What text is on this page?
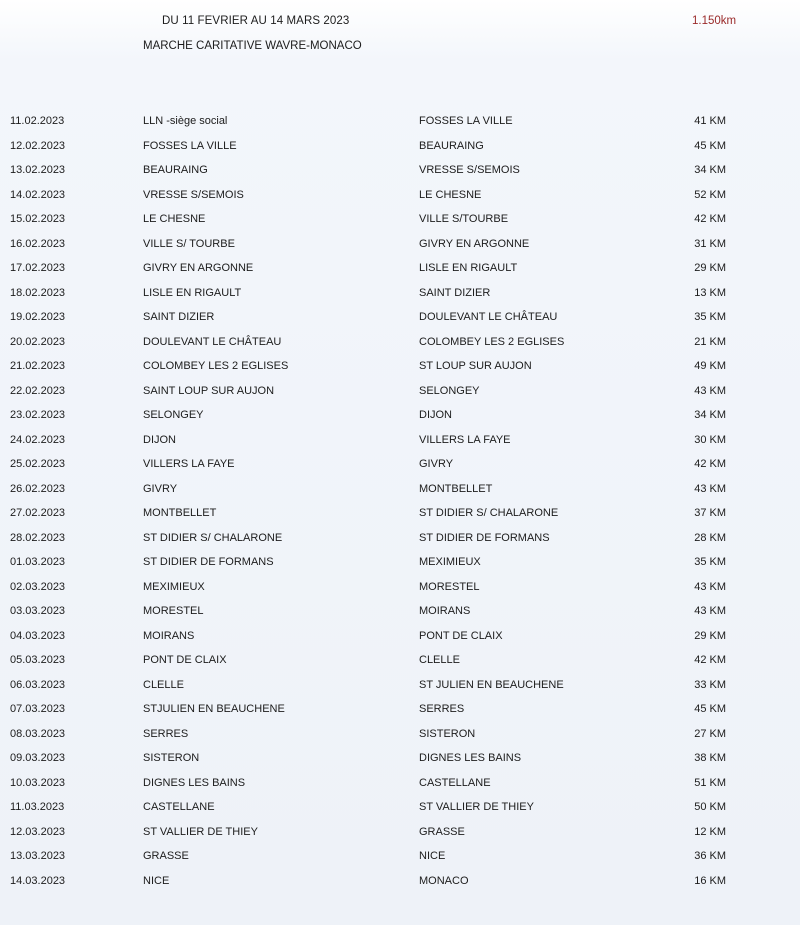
DU 11 FEVRIER AU 14 MARS 2023	1.150km
MARCHE CARITATIVE WAVRE-MONACO
11.02.2023	LLN -siège social	FOSSES LA VILLE	41 KM
12.02.2023	FOSSES LA VILLE	BEAURAING	45 KM
13.02.2023	BEAURAING	VRESSE S/SEMOIS	34 KM
14.02.2023	VRESSE S/SEMOIS	LE CHESNE	52 KM
15.02.2023	LE CHESNE	VILLE S/TOURBE	42 KM
16.02.2023	VILLE S/ TOURBE	GIVRY EN ARGONNE	31 KM
17.02.2023	GIVRY EN ARGONNE	LISLE EN RIGAULT	29 KM
18.02.2023	LISLE EN RIGAULT	SAINT DIZIER	13 KM
19.02.2023	SAINT DIZIER	DOULEVANT LE CHÂTEAU	35 KM
20.02.2023	DOULEVANT LE CHÂTEAU	COLOMBEY LES 2 EGLISES	21 KM
21.02.2023	COLOMBEY LES 2 EGLISES	ST LOUP SUR AUJON	49 KM
22.02.2023	SAINT LOUP SUR AUJON	SELONGEY	43 KM
23.02.2023	SELONGEY	DIJON	34 KM
24.02.2023	DIJON	VILLERS LA FAYE	30 KM
25.02.2023	VILLERS LA FAYE	GIVRY	42 KM
26.02.2023	GIVRY	MONTBELLET	43 KM
27.02.2023	MONTBELLET	ST DIDIER S/ CHALARONE	37 KM
28.02.2023	ST DIDIER S/ CHALARONE	ST DIDIER DE FORMANS	28 KM
01.03.2023	ST DIDIER DE FORMANS	MEXIMIEUX	35 KM
02.03.2023	MEXIMIEUX	MORESTEL	43 KM
03.03.2023	MORESTEL	MOIRANS	43 KM
04.03.2023	MOIRANS	PONT DE CLAIX	29 KM
05.03.2023	PONT DE CLAIX	CLELLE	42 KM
06.03.2023	CLELLE	ST JULIEN EN BEAUCHENE	33 KM
07.03.2023	STJULIEN EN BEAUCHENE	SERRES	45 KM
08.03.2023	SERRES	SISTERON	27 KM
09.03.2023	SISTERON	DIGNES LES BAINS	38 KM
10.03.2023	DIGNES LES BAINS	CASTELLANE	51 KM
11.03.2023	CASTELLANE	ST VALLIER DE THIEY	50 KM
12.03.2023	ST VALLIER DE THIEY	GRASSE	12 KM
13.03.2023	GRASSE	NICE	36 KM
14.03.2023	NICE	MONACO	16 KM
